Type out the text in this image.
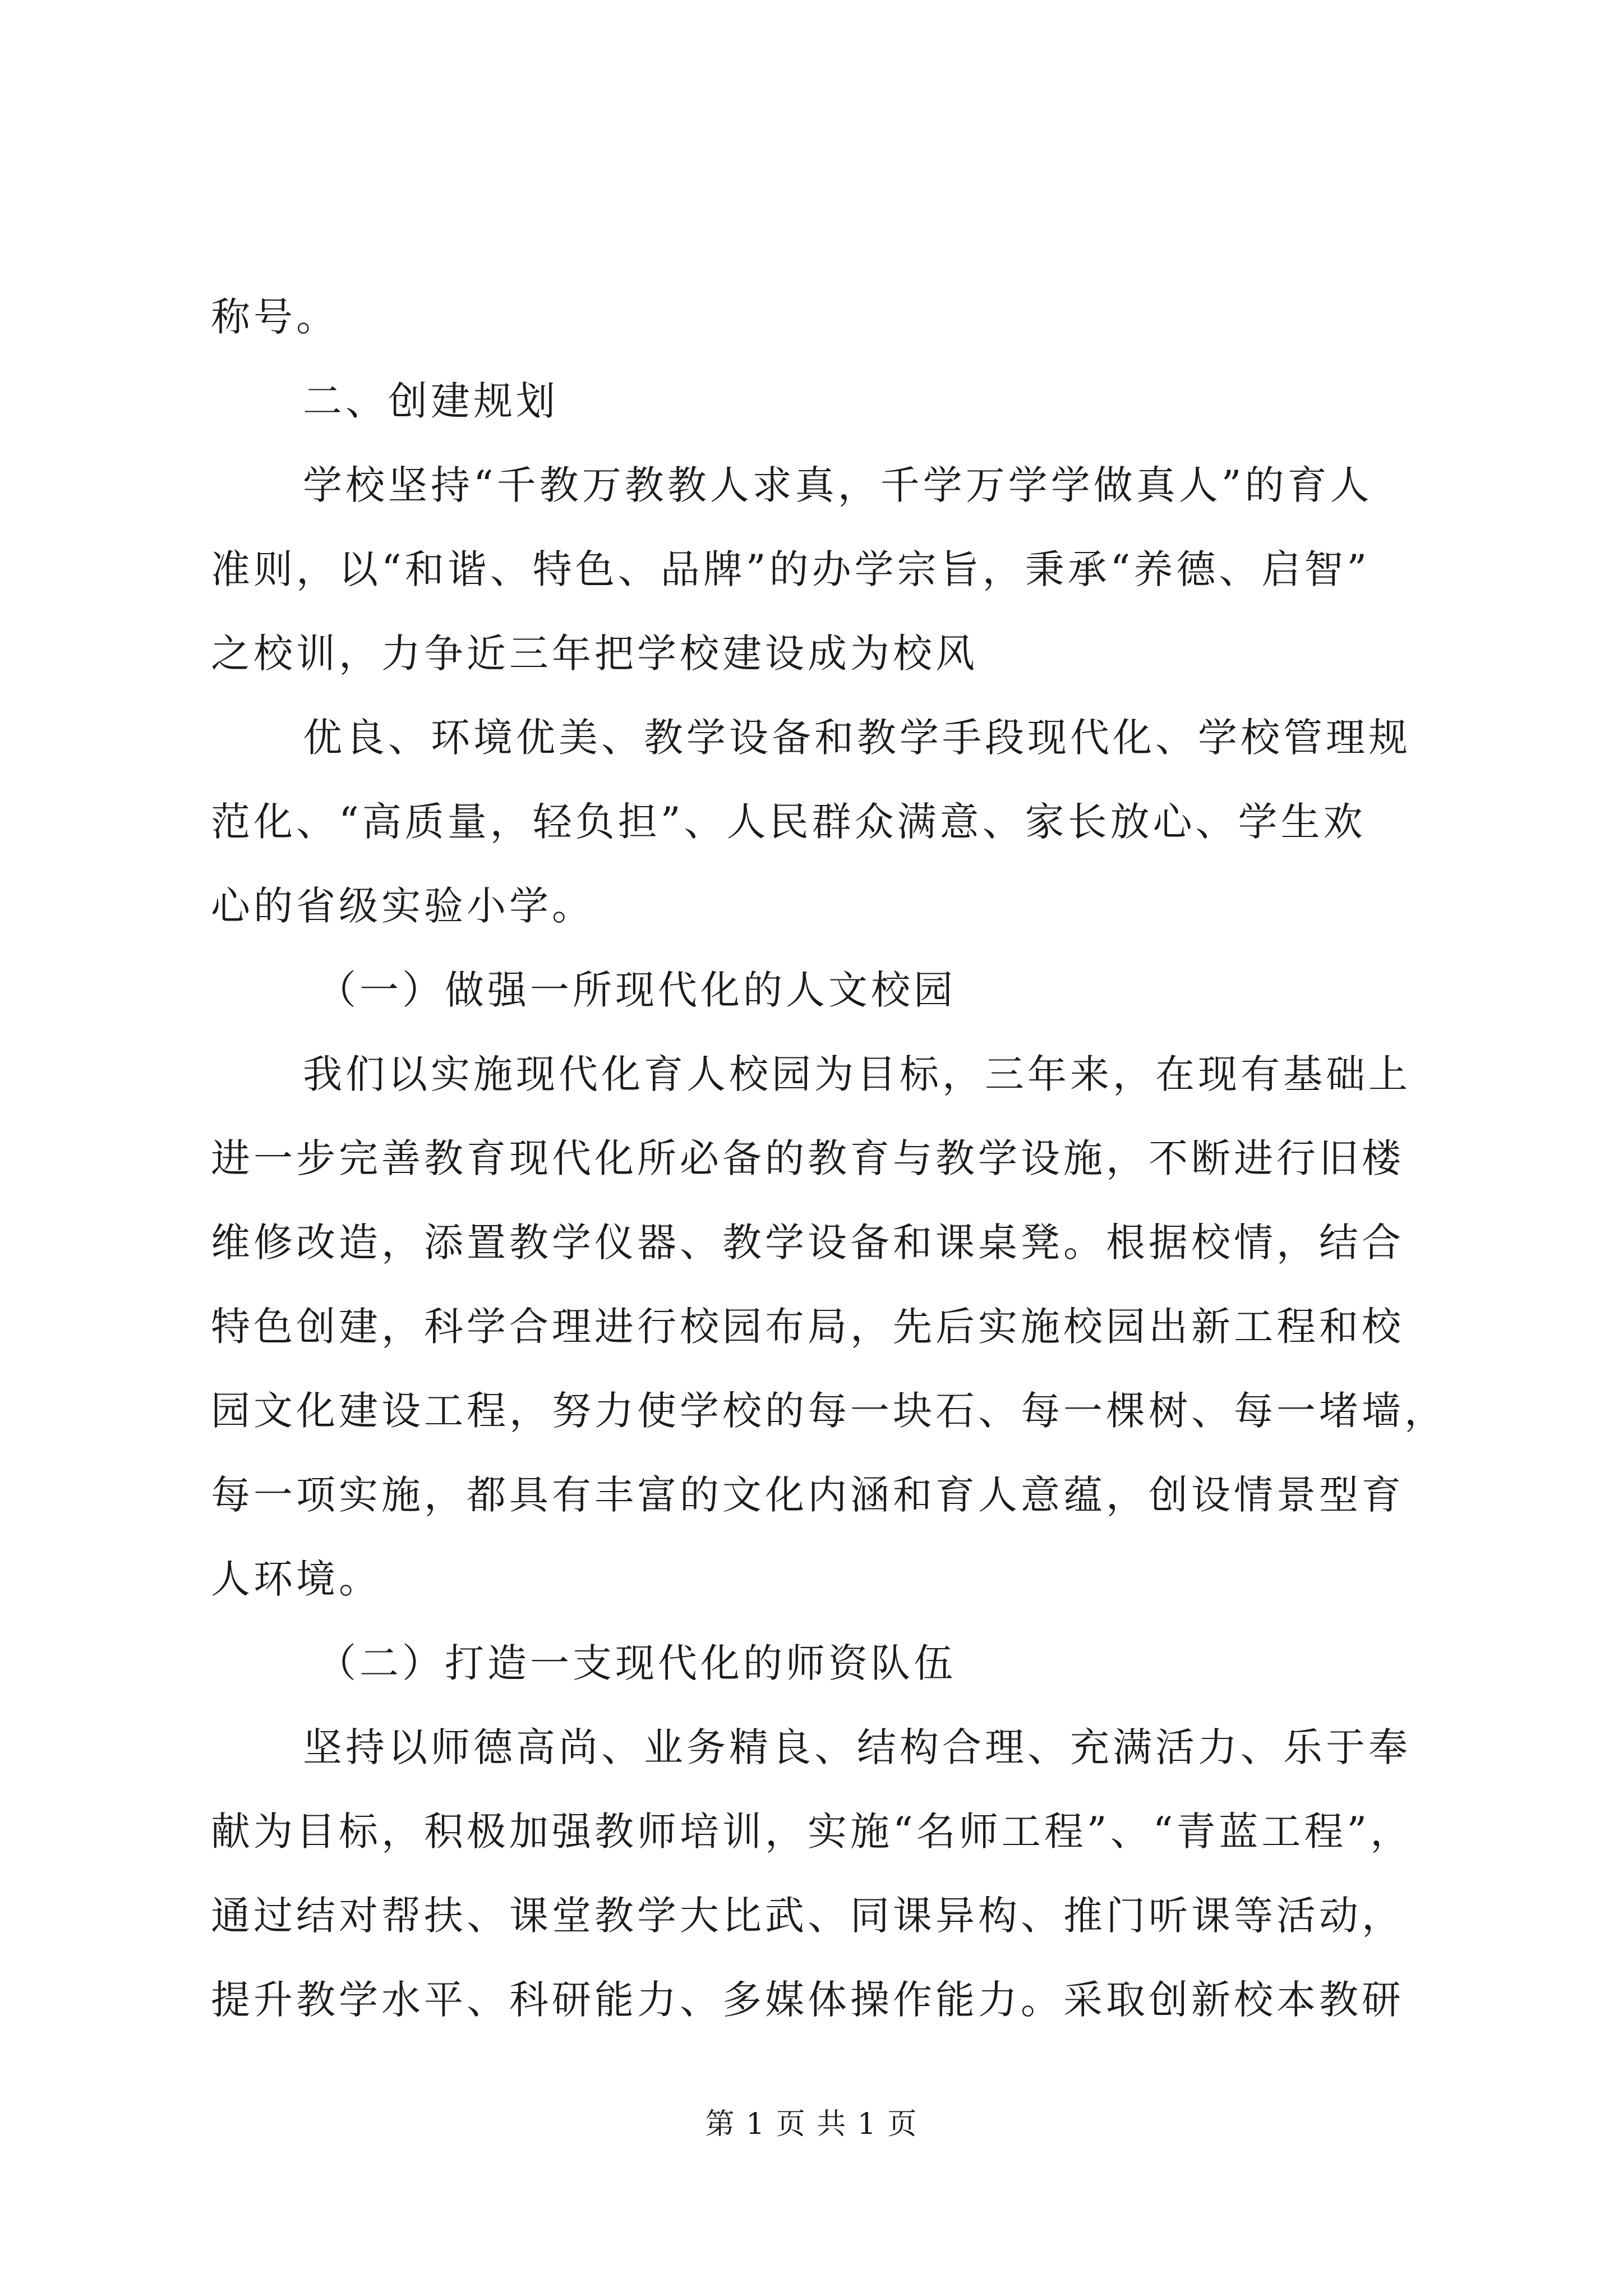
称号。
二、创建规划
学校坚持“千教万教教人求真，千学万学学做真人”的育人
准则，以“和谐、特色、品牌”的办学宗旨，秉承“养德、启智”
之校训，力争近三年把学校建设成为校风
优良、环境优美、教学设备和教学手段现代化、学校管理规
范化、“高质量，轻负担”、人民群众满意、家长放心、学生欢
心的省级实验小学。
（一）做强一所现代化的人文校园
我们以实施现代化育人校园为目标，三年来，在现有基础上
进一步完善教育现代化所必备的教育与教学设施，不断进行旧楼
维修改造，添置教学仪器、教学设备和课桌凳。根据校情，结合
特色创建，科学合理进行校园布局，先后实施校园出新工程和校
园文化建设工程，努力使学校的每一块石、每一棵树、每一堵墙，
每一项实施，都具有丰富的文化内涵和育人意蕴，创设情景型育
人环境。
（二）打造一支现代化的师资队伍
坚持以师德高尚、业务精良、结构合理、充满活力、乐于奉
献为目标，积极加强教师培训，实施“名师工程”、“青蓝工程”，
通过结对帮扶、课堂教学大比武、同课异构、推门听课等活动，
提升教学水平、科研能力、多媒体操作能力。采取创新校本教研
第 1 页 共 1 页
